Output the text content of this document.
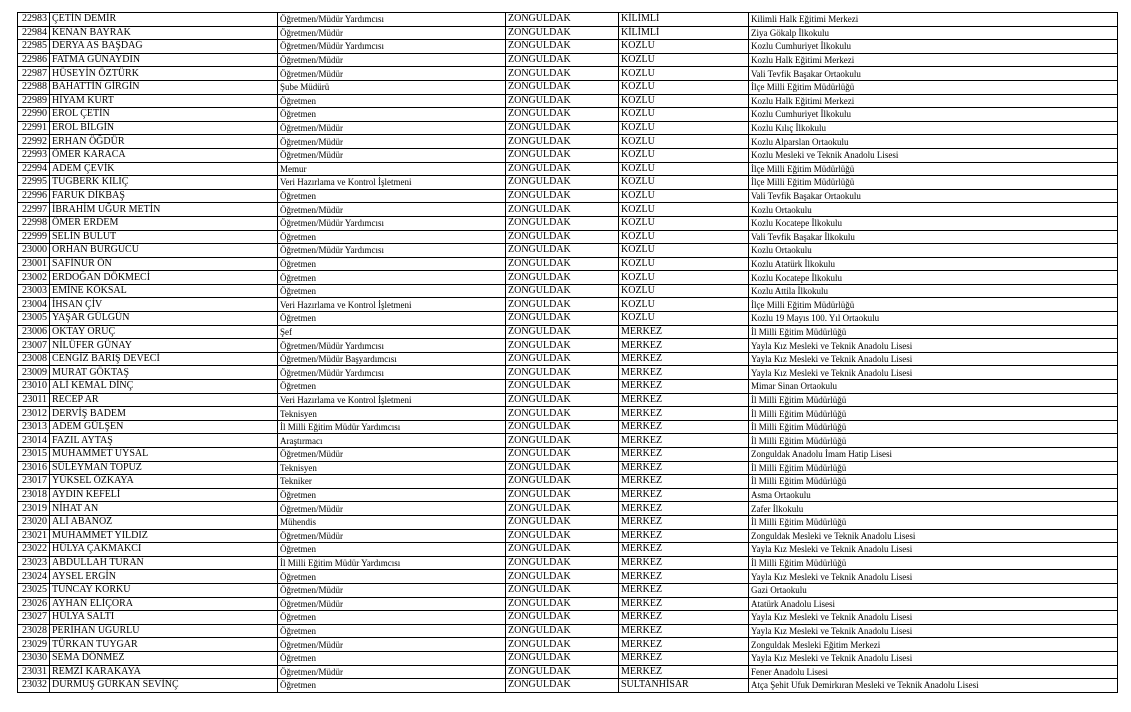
22983	ÇETİN DEMİR	Öğretmen/Müdür Yardımcısı	ZONGULDAK	KİLİMLİ	Kilimli Halk Eğitimi Merkezi
22984	KENAN BAYRAK	Öğretmen/Müdür	ZONGULDAK	KİLİMLİ	Ziya Gökalp İlkokulu
22985	DERYA AS BAŞDAĞ	Öğretmen/Müdür Yardımcısı	ZONGULDAK	KOZLU	Kozlu Cumhuriyet İlkokulu
22986	FATMA GÜNAYDIN	Öğretmen/Müdür	ZONGULDAK	KOZLU	Kozlu Halk Eğitimi Merkezi
22987	HÜSEYİN ÖZTÜRK	Öğretmen/Müdür	ZONGULDAK	KOZLU	Vali Tevfik Başakar Ortaokulu
22988	BAHATTİN GİRGİN	Şube Müdürü	ZONGULDAK	KOZLU	İlçe Milli Eğitim Müdürlüğü
22989	HİYAM KURT	Öğretmen	ZONGULDAK	KOZLU	Kozlu Halk Eğitimi Merkezi
22990	EROL ÇETİN	Öğretmen	ZONGULDAK	KOZLU	Kozlu Cumhuriyet İlkokulu
22991	EROL BİLGİN	Öğretmen/Müdür	ZONGULDAK	KOZLU	Kozlu Kılıç İlkokulu
22992	ERHAN ÖĞDÜR	Öğretmen/Müdür	ZONGULDAK	KOZLU	Kozlu Alparslan Ortaokulu
22993	ÖMER KARACA	Öğretmen/Müdür	ZONGULDAK	KOZLU	Kozlu Mesleki ve Teknik Anadolu Lisesi
22994	ADEM ÇEVİK	Memur	ZONGULDAK	KOZLU	İlçe Milli Eğitim Müdürlüğü
22995	TUĞBERK KILIÇ	Veri Hazırlama ve Kontrol İşletmeni	ZONGULDAK	KOZLU	İlçe Milli Eğitim Müdürlüğü
22996	FARUK DİKBAŞ	Öğretmen	ZONGULDAK	KOZLU	Vali Tevfik Başakar Ortaokulu
22997	İBRAHİM UĞUR METİN	Öğretmen/Müdür	ZONGULDAK	KOZLU	Kozlu Ortaokulu
22998	ÖMER ERDEM	Öğretmen/Müdür Yardımcısı	ZONGULDAK	KOZLU	Kozlu Kocatepe İlkokulu
22999	SELİN BULUT	Öğretmen	ZONGULDAK	KOZLU	Vali Tevfik Başakar İlkokulu
23000	ORHAN BURGUCU	Öğretmen/Müdür Yardımcısı	ZONGULDAK	KOZLU	Kozlu Ortaokulu
23001	SAFİNUR ÖN	Öğretmen	ZONGULDAK	KOZLU	Kozlu Atatürk İlkokulu
23002	ERDOĞAN DÖKMECİ	Öğretmen	ZONGULDAK	KOZLU	Kozlu Kocatepe İlkokulu
23003	EMİNE KÖKSAL	Öğretmen	ZONGULDAK	KOZLU	Kozlu Attila İlkokulu
23004	İHSAN ÇİV	Veri Hazırlama ve Kontrol İşletmeni	ZONGULDAK	KOZLU	İlçe Milli Eğitim Müdürlüğü
23005	YAŞAR GÜLGÜN	Öğretmen	ZONGULDAK	KOZLU	Kozlu 19 Mayıs 100. Yıl Ortaokulu
23006	OKTAY ORUÇ	Şef	ZONGULDAK	MERKEZ	İl Milli Eğitim Müdürlüğü
23007	NİLÜFER GÜNAY	Öğretmen/Müdür Yardımcısı	ZONGULDAK	MERKEZ	Yayla Kız Mesleki ve Teknik Anadolu Lisesi
23008	CENGİZ BARIŞ DEVECİ	Öğretmen/Müdür Başyardımcısı	ZONGULDAK	MERKEZ	Yayla Kız Mesleki ve Teknik Anadolu Lisesi
23009	MURAT GÖKTAŞ	Öğretmen/Müdür Yardımcısı	ZONGULDAK	MERKEZ	Yayla Kız Mesleki ve Teknik Anadolu Lisesi
23010	ALİ KEMAL DİNÇ	Öğretmen	ZONGULDAK	MERKEZ	Mimar Sinan Ortaokulu
23011	RECEP AR	Veri Hazırlama ve Kontrol İşletmeni	ZONGULDAK	MERKEZ	İl Milli Eğitim Müdürlüğü
23012	DERVİŞ BADEM	Teknisyen	ZONGULDAK	MERKEZ	İl Milli Eğitim Müdürlüğü
23013	ADEM GÜLŞEN	İl Milli Eğitim Müdür Yardımcısı	ZONGULDAK	MERKEZ	İl Milli Eğitim Müdürlüğü
23014	FAZIL AYTAŞ	Araştırmacı	ZONGULDAK	MERKEZ	İl Milli Eğitim Müdürlüğü
23015	MUHAMMET UYSAL	Öğretmen/Müdür	ZONGULDAK	MERKEZ	Zonguldak Anadolu İmam Hatip Lisesi
23016	SÜLEYMAN TOPUZ	Teknisyen	ZONGULDAK	MERKEZ	İl Milli Eğitim Müdürlüğü
23017	YÜKSEL ÖZKAYA	Tekniker	ZONGULDAK	MERKEZ	İl Milli Eğitim Müdürlüğü
23018	AYDIN KEFELİ	Öğretmen	ZONGULDAK	MERKEZ	Asma Ortaokulu
23019	NİHAT AN	Öğretmen/Müdür	ZONGULDAK	MERKEZ	Zafer İlkokulu
23020	ALİ ABANOZ	Mühendis	ZONGULDAK	MERKEZ	İl Milli Eğitim Müdürlüğü
23021	MUHAMMET YILDIZ	Öğretmen/Müdür	ZONGULDAK	MERKEZ	Zonguldak Mesleki ve Teknik Anadolu Lisesi
23022	HÜLYA ÇAKMAKCI	Öğretmen	ZONGULDAK	MERKEZ	Yayla Kız Mesleki ve Teknik Anadolu Lisesi
23023	ABDULLAH TURAN	İl Milli Eğitim Müdür Yardımcısı	ZONGULDAK	MERKEZ	İl Milli Eğitim Müdürlüğü
23024	AYSEL ERGİN	Öğretmen	ZONGULDAK	MERKEZ	Yayla Kız Mesleki ve Teknik Anadolu Lisesi
23025	TUNCAY KORKU	Öğretmen/Müdür	ZONGULDAK	MERKEZ	Gazi Ortaokulu
23026	AYHAN ELİÇORA	Öğretmen/Müdür	ZONGULDAK	MERKEZ	Atatürk Anadolu Lisesi
23027	HÜLYA SALTI	Öğretmen	ZONGULDAK	MERKEZ	Yayla Kız Mesleki ve Teknik Anadolu Lisesi
23028	PERİHAN UĞURLU	Öğretmen	ZONGULDAK	MERKEZ	Yayla Kız Mesleki ve Teknik Anadolu Lisesi
23029	TÜRKAN TUYGAR	Öğretmen/Müdür	ZONGULDAK	MERKEZ	Zonguldak Mesleki Eğitim Merkezi
23030	SEMA DÖNMEZ	Öğretmen	ZONGULDAK	MERKEZ	Yayla Kız Mesleki ve Teknik Anadolu Lisesi
23031	REMZİ KARAKAYA	Öğretmen/Müdür	ZONGULDAK	MERKEZ	Fener Anadolu Lisesi
23032	DURMUŞ GÜRKAN SEVİNÇ	Öğretmen	ZONGULDAK	SULTANHİSAR	Atça Şehit Ufuk Demirkıran Mesleki ve Teknik Anadolu Lisesi
